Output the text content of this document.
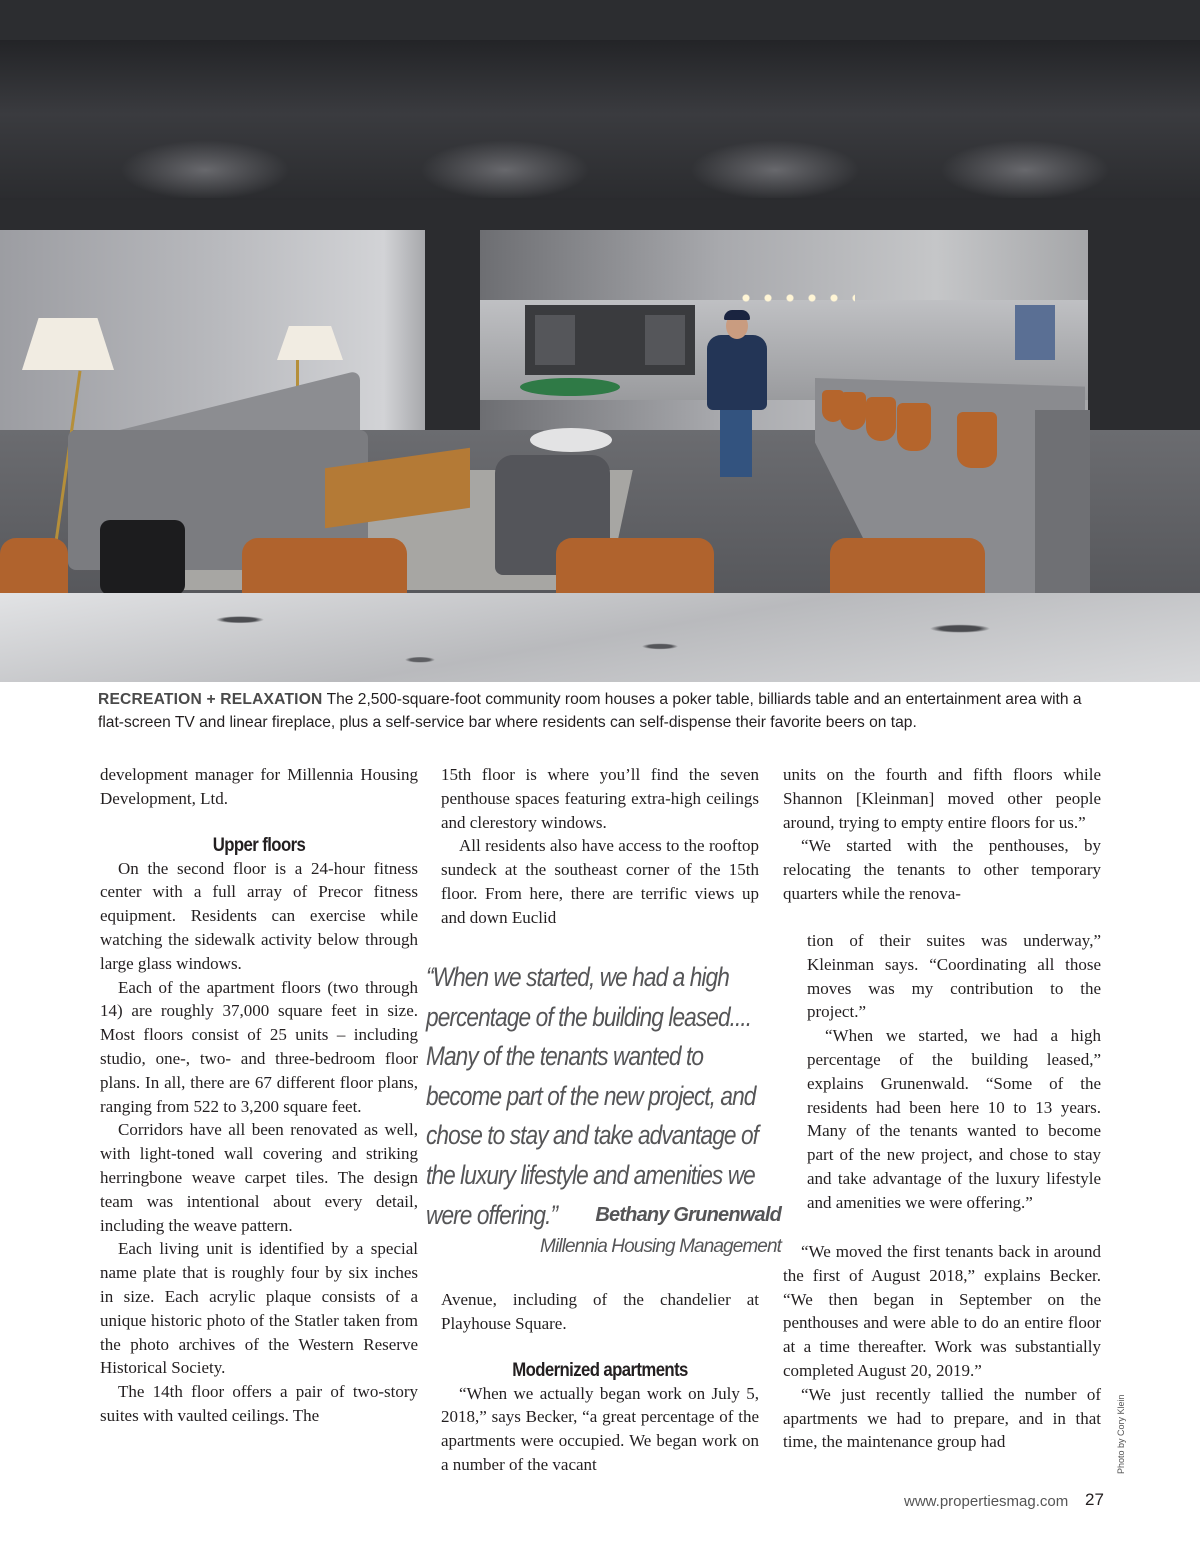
RECREATION + RELAXATION The 2,500-square-foot community room houses a poker table, billiards table and an entertainment area with a flat-screen TV and linear fireplace, plus a self-service bar where residents can self-dispense their favorite beers on tap.

development manager for Millennia Housing Development, Ltd.

Upper floors

On the second floor is a 24-hour fitness center with a full array of Precor fitness equipment. Residents can exercise while watching the sidewalk activity below through large glass windows.

Each of the apartment floors (two through 14) are roughly 37,000 square feet in size. Most floors consist of 25 units – including studio, one-, two- and three-bedroom floor plans. In all, there are 67 different floor plans, ranging from 522 to 3,200 square feet.

Corridors have all been renovated as well, with light-toned wall covering and striking herringbone weave carpet tiles. The design team was intentional about every detail, including the weave pattern.

Each living unit is identified by a special name plate that is roughly four by six inches in size. Each acrylic plaque consists of a unique historic photo of the Statler taken from the photo archives of the Western Reserve Historical Society.

The 14th floor offers a pair of two-story suites with vaulted ceilings. The

15th floor is where you’ll find the seven penthouse spaces featuring extra-high ceilings and clerestory windows.

All residents also have access to the rooftop sundeck at the southeast corner of the 15th floor. From here, there are terrific views up and down Euclid

“When we started, we had a high percentage of the building leased.... Many of the tenants wanted to become part of the new project, and chose to stay and take advantage of the luxury lifestyle and amenities we were offering.”	Bethany Grunenwald
Millennia Housing Management

Avenue, including of the chandelier at Playhouse Square.

Modernized apartments

“When we actually began work on July 5, 2018,” says Becker, “a great percentage of the apartments were occupied. We began work on a number of the vacant

units on the fourth and fifth floors while Shannon [Kleinman] moved other people around, trying to empty entire floors for us.”

“We started with the penthouses, by relocating the tenants to other temporary quarters while the renova-

tion of their suites was underway,” Kleinman says. “Coordinating all those moves was my contribution to the project.”

“When we started, we had a high percentage of the building leased,” explains Grunenwald. “Some of the residents had been here 10 to 13 years. Many of the tenants wanted to become part of the new project, and chose to stay and take advantage of the luxury lifestyle and amenities we were offering.”

“We moved the first tenants back in around the first of August 2018,” explains Becker. “We then began in September on the penthouses and were able to do an entire floor at a time thereafter. Work was substantially completed August 20, 2019.”

“We just recently tallied the number of apartments we had to prepare, and in that time, the maintenance group had	Photo by Cory Klein
www.propertiesmag.com 27
